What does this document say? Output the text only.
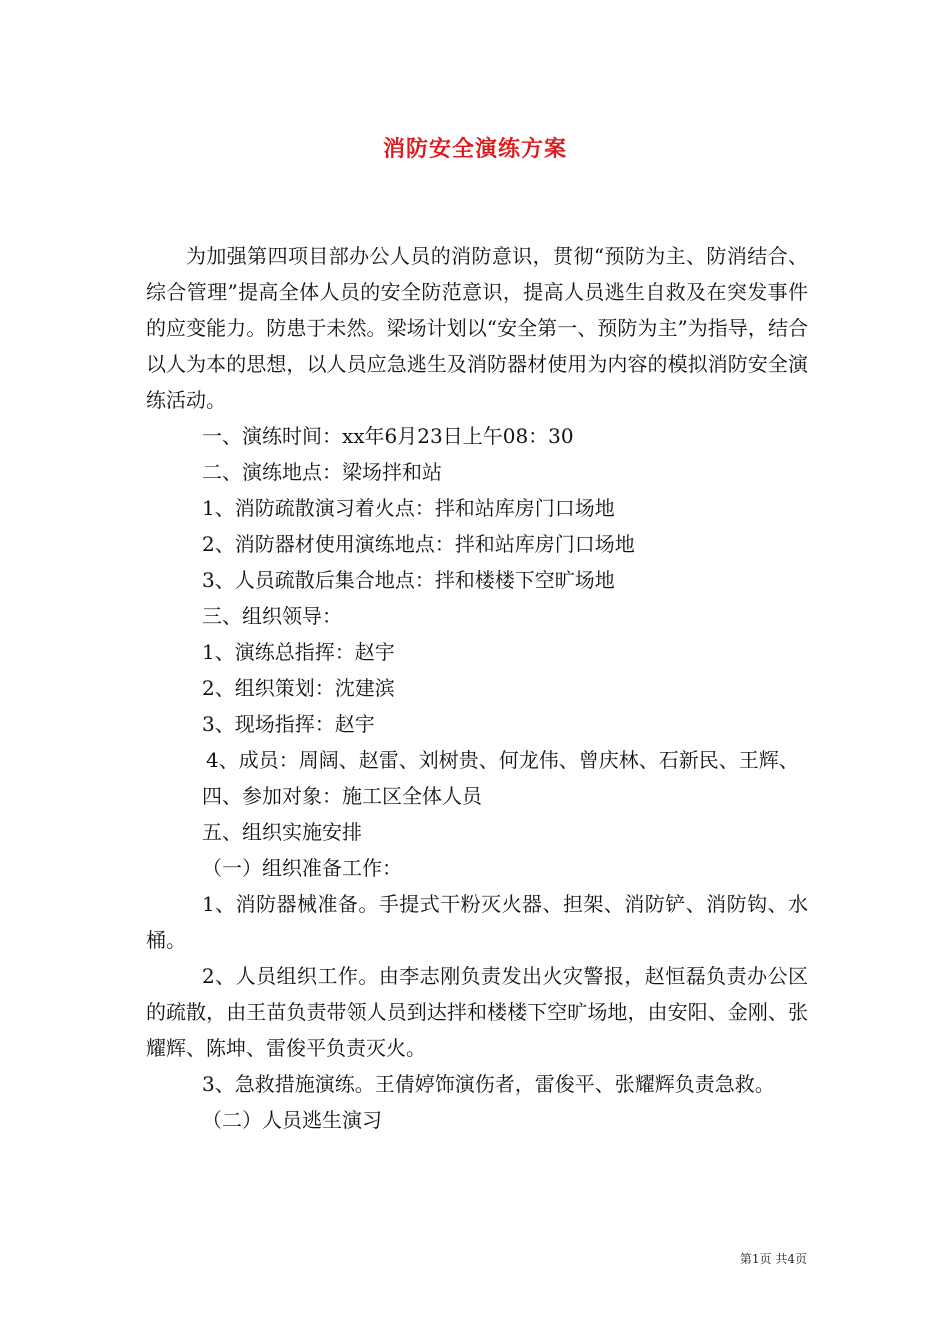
消防安全演练方案

为加强第四项目部办公人员的消防意识，贯彻“预防为主、防消结合、综合管理”提高全体人员的安全防范意识，提高人员逃生自救及在突发事件的应变能力。防患于未然。梁场计划以“安全第一、预防为主”为指导，结合以人为本的思想，以人员应急逃生及消防器材使用为内容的模拟消防安全演练活动。

一、演练时间：xx年6月23日上午08：30

二、演练地点：梁场拌和站

1、消防疏散演习着火点：拌和站库房门口场地

2、消防器材使用演练地点：拌和站库房门口场地

3、人员疏散后集合地点：拌和楼楼下空旷场地

三、组织领导：

1、演练总指挥：赵宇

2、组织策划：沈建滨

3、现场指挥：赵宇

4、成员：周阔、赵雷、刘树贵、何龙伟、曾庆林、石新民、王辉、

四、参加对象：施工区全体人员

五、组织实施安排

（一）组织准备工作：

1、消防器械准备。手提式干粉灭火器、担架、消防铲、消防钩、水桶。

2、人员组织工作。由李志刚负责发出火灾警报，赵恒磊负责办公区的疏散，由王苗负责带领人员到达拌和楼楼下空旷场地，由安阳、金刚、张耀辉、陈坤、雷俊平负责灭火。

3、急救措施演练。王倩婷饰演伤者，雷俊平、张耀辉负责急救。

（二）人员逃生演习

第1页 共4页
